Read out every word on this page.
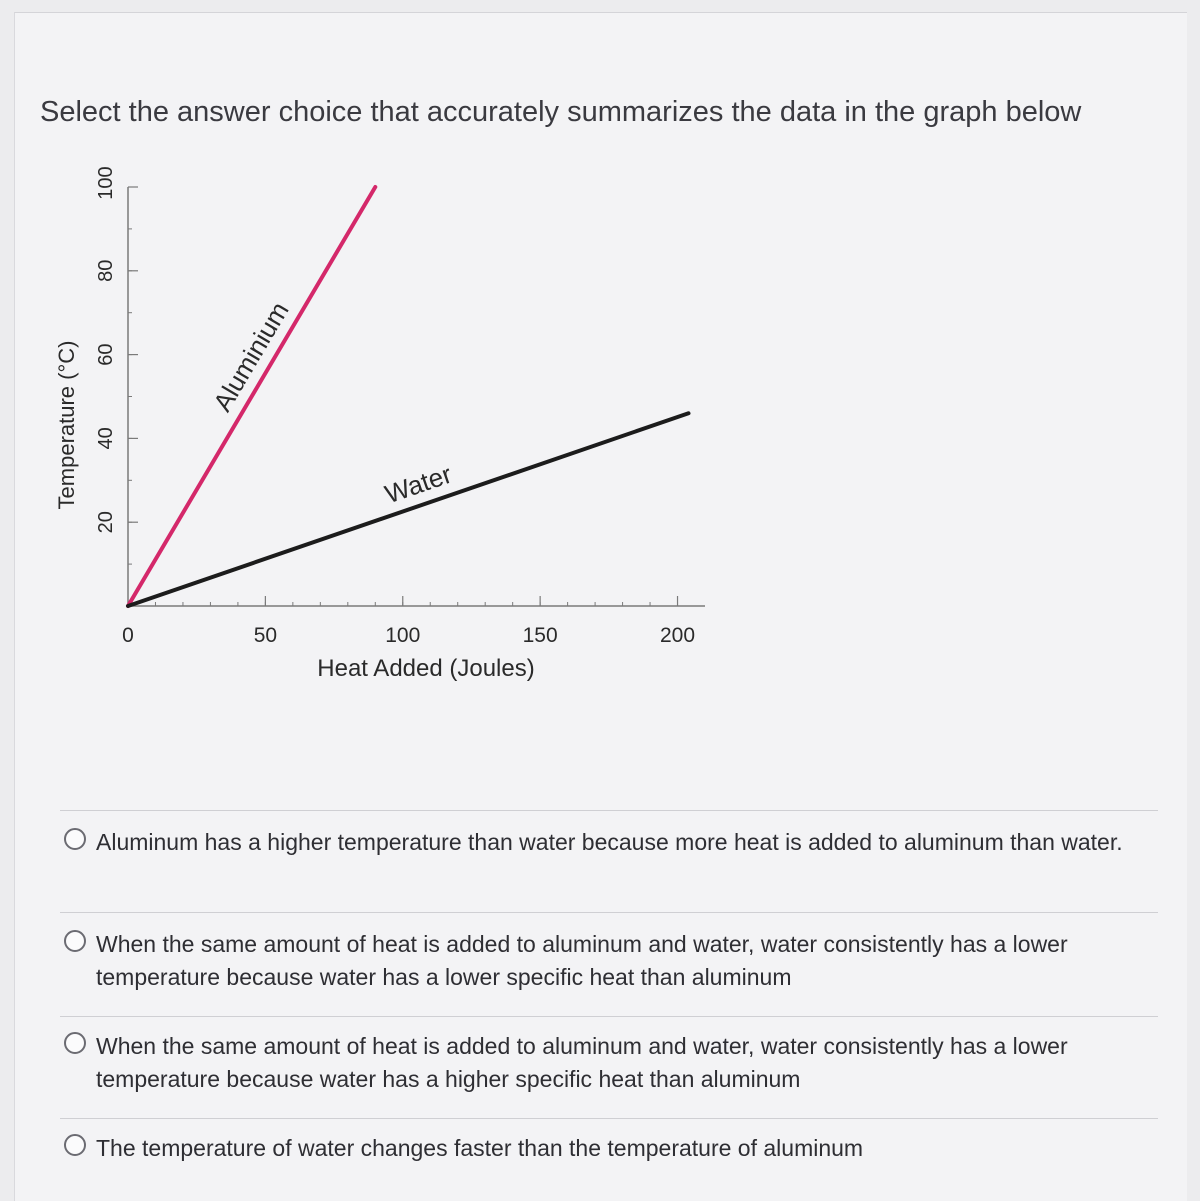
Select the answer choice that accurately summarizes the data in the graph below
0	50	100	150	200
20
40
60
80
100
Heat Added (Joules)
Temperature (°C)	Aluminium
Water
Aluminum has a higher temperature than water because more heat is added to aluminum than water.
When the same amount of heat is added to aluminum and water, water consistently has a lower temperature because water has a lower specific heat than aluminum
When the same amount of heat is added to aluminum and water, water consistently has a lower temperature because water has a higher specific heat than aluminum
The temperature of water changes faster than the temperature of aluminum
